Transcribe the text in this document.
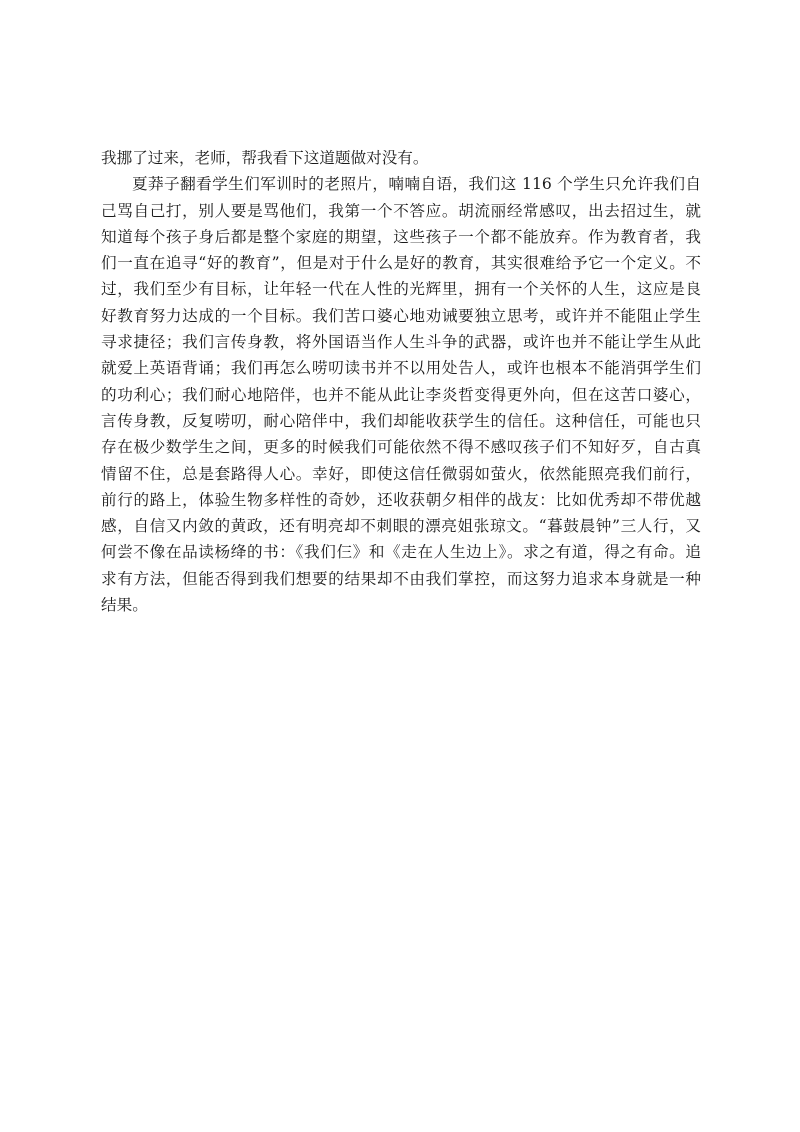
我挪了过来，老师，帮我看下这道题做对没有。
夏莽子翻看学生们军训时的老照片，喃喃自语，我们这 116 个学生只允许我们自
己骂自己打，别人要是骂他们，我第一个不答应。胡流丽经常感叹，出去招过生，就
知道每个孩子身后都是整个家庭的期望，这些孩子一个都不能放弃。作为教育者，我
们一直在追寻“好的教育”，但是对于什么是好的教育，其实很难给予它一个定义。不
过，我们至少有目标，让年轻一代在人性的光辉里，拥有一个关怀的人生，这应是良
好教育努力达成的一个目标。我们苦口婆心地劝诫要独立思考，或许并不能阻止学生
寻求捷径；我们言传身教，将外国语当作人生斗争的武器，或许也并不能让学生从此
就爱上英语背诵；我们再怎么唠叨读书并不以用处告人，或许也根本不能消弭学生们
的功利心；我们耐心地陪伴，也并不能从此让李炎哲变得更外向，但在这苦口婆心，
言传身教，反复唠叨，耐心陪伴中，我们却能收获学生的信任。这种信任，可能也只
存在极少数学生之间，更多的时候我们可能依然不得不感叹孩子们不知好歹，自古真
情留不住，总是套路得人心。幸好，即使这信任微弱如萤火，依然能照亮我们前行，
前行的路上，体验生物多样性的奇妙，还收获朝夕相伴的战友：比如优秀却不带优越
感，自信又内敛的黄政，还有明亮却不刺眼的漂亮姐张琼文。“暮鼓晨钟”三人行，又
何尝不像在品读杨绛的书：《我们仨》和《走在人生边上》。求之有道，得之有命。追
求有方法，但能否得到我们想要的结果却不由我们掌控，而这努力追求本身就是一种
结果。
